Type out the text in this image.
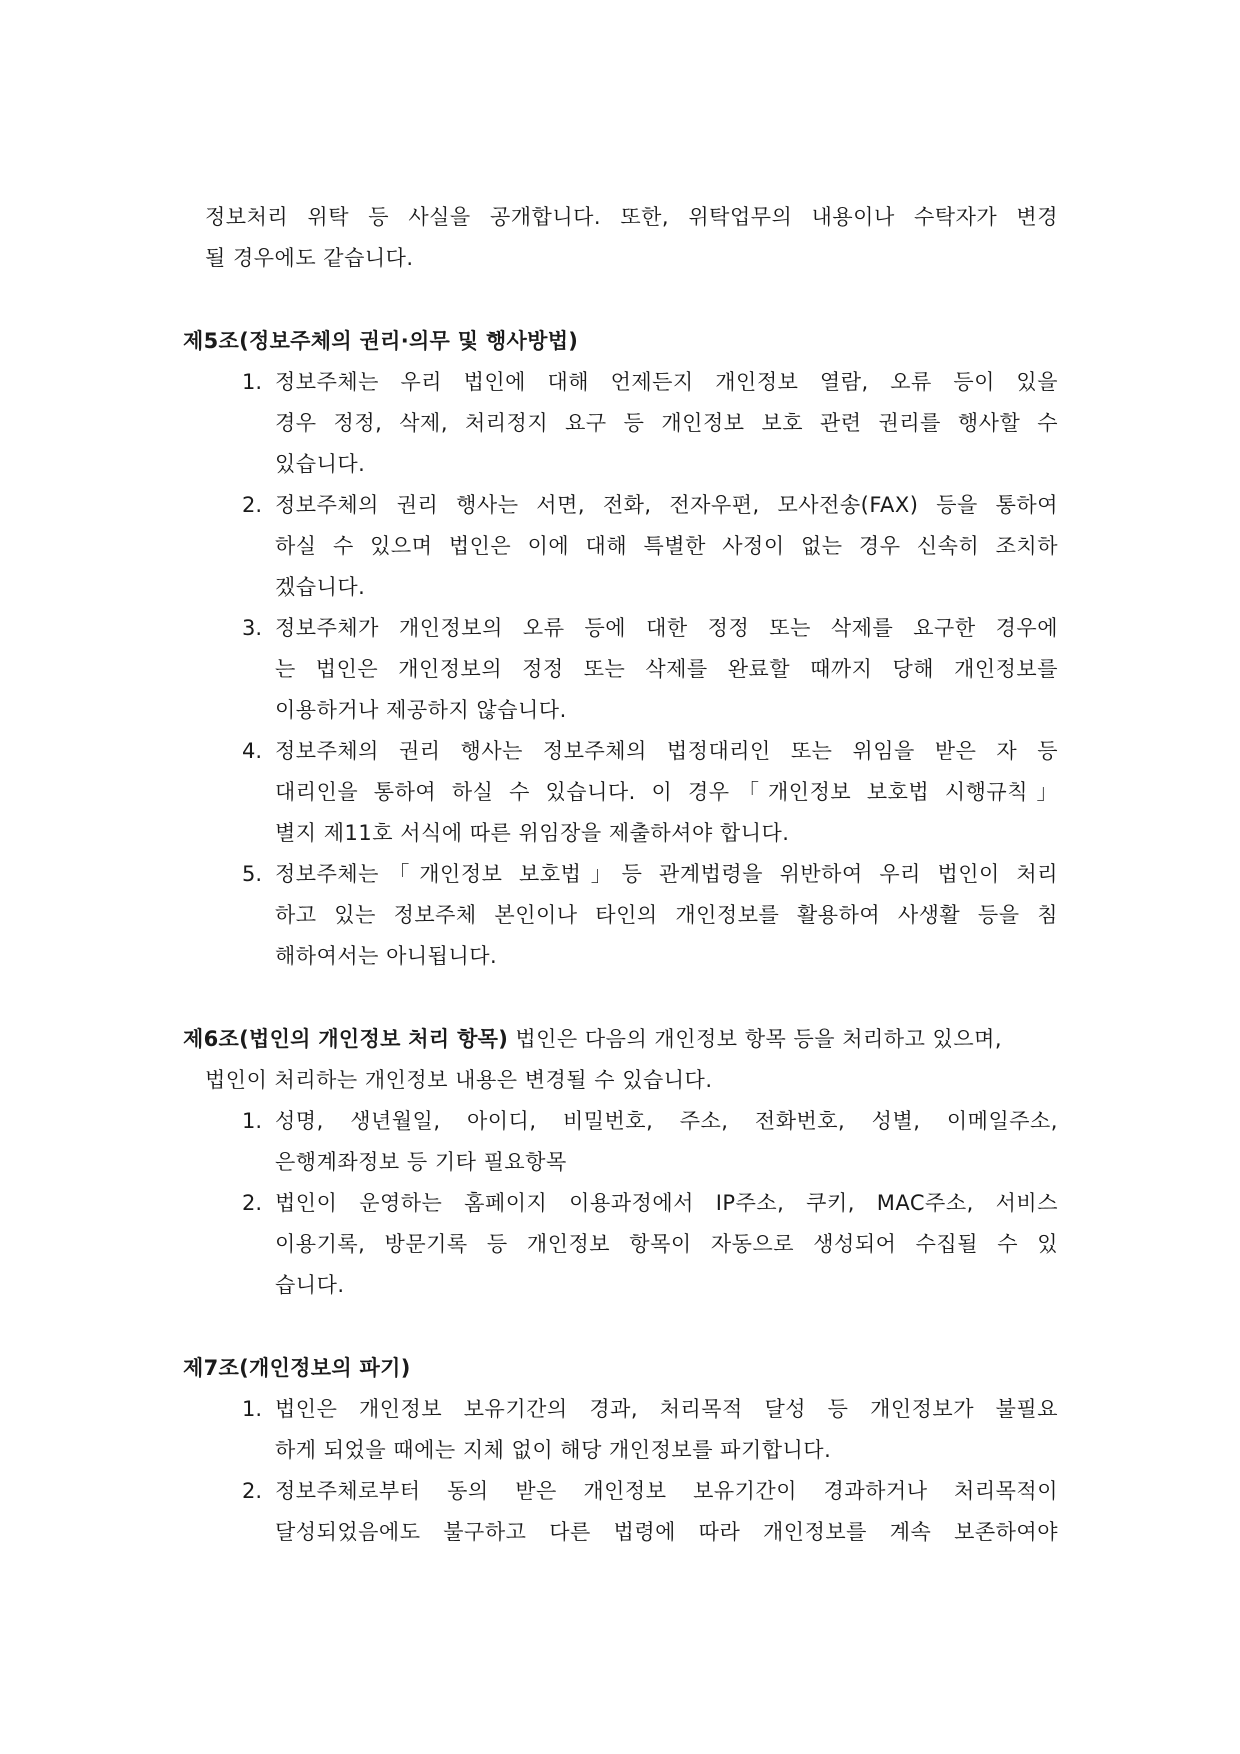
정보처리 위탁 등 사실을 공개합니다. 또한, 위탁업무의 내용이나 수탁자가 변경
될 경우에도 같습니다.
제5조(정보주체의 권리·의무 및 행사방법)
1. 정보주체는 우리 법인에 대해 언제든지 개인정보 열람, 오류 등이 있을
경우 정정, 삭제, 처리정지 요구 등 개인정보 보호 관련 권리를 행사할 수
있습니다.
2. 정보주체의 권리 행사는 서면, 전화, 전자우편, 모사전송(FAX) 등을 통하여
하실 수 있으며 법인은 이에 대해 특별한 사정이 없는 경우 신속히 조치하
겠습니다.
3. 정보주체가 개인정보의 오류 등에 대한 정정 또는 삭제를 요구한 경우에
는 법인은 개인정보의 정정 또는 삭제를 완료할 때까지 당해 개인정보를
이용하거나 제공하지 않습니다.
4. 정보주체의 권리 행사는 정보주체의 법정대리인 또는 위임을 받은 자 등
대리인을 통하여 하실 수 있습니다. 이 경우「개인정보 보호법 시행규칙」
별지 제11호 서식에 따른 위임장을 제출하셔야 합니다.
5. 정보주체는「개인정보 보호법」등 관계법령을 위반하여 우리 법인이 처리
하고 있는 정보주체 본인이나 타인의 개인정보를 활용하여 사생활 등을 침
해하여서는 아니됩니다.
제6조(법인의 개인정보 처리 항목) 법인은 다음의 개인정보 항목 등을 처리하고 있으며,
법인이 처리하는 개인정보 내용은 변경될 수 있습니다.
1. 성명, 생년월일, 아이디, 비밀번호, 주소, 전화번호, 성별, 이메일주소,
은행계좌정보 등 기타 필요항목
2. 법인이 운영하는 홈페이지 이용과정에서 IP주소, 쿠키, MAC주소, 서비스
이용기록, 방문기록 등 개인정보 항목이 자동으로 생성되어 수집될 수 있
습니다.
제7조(개인정보의 파기)
1. 법인은 개인정보 보유기간의 경과, 처리목적 달성 등 개인정보가 불필요
하게 되었을 때에는 지체 없이 해당 개인정보를 파기합니다.
2. 정보주체로부터 동의 받은 개인정보 보유기간이 경과하거나 처리목적이
달성되었음에도 불구하고 다른 법령에 따라 개인정보를 계속 보존하여야
